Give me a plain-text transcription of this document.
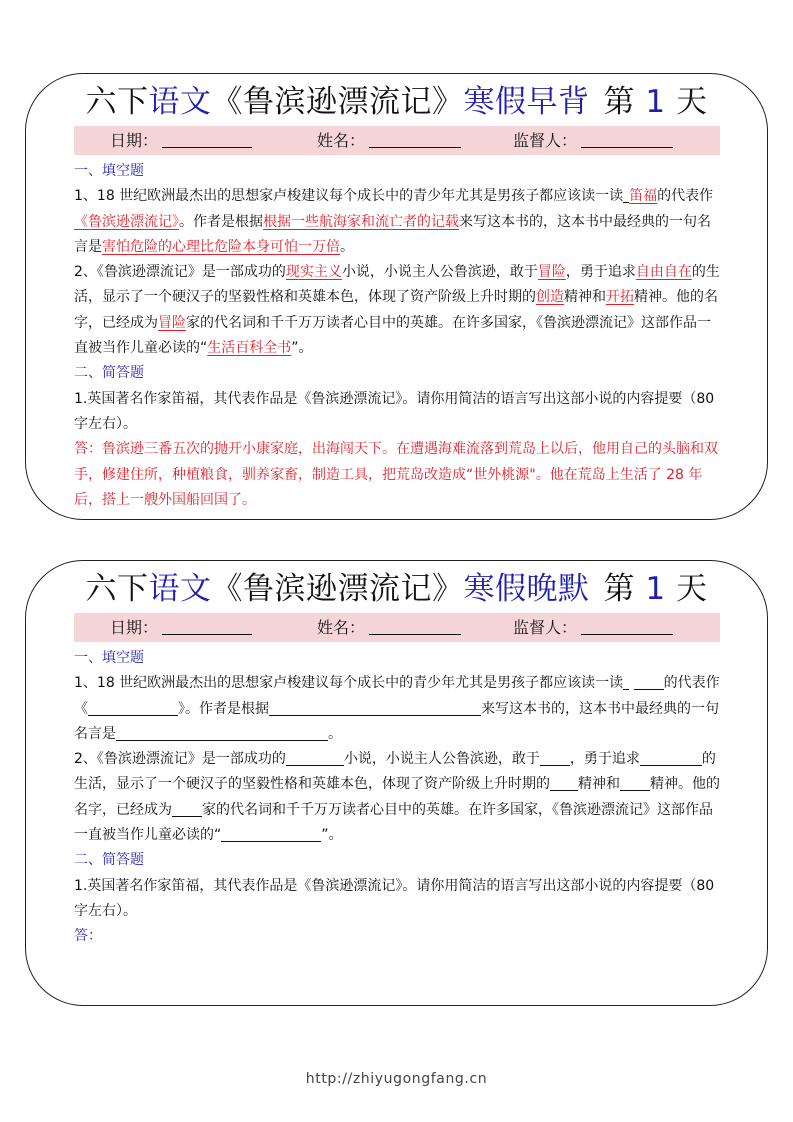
六下语文《鲁滨逊漂流记》寒假早背 第 1 天
日期：	姓名：	监督人：

一、填空题

1、18 世纪欧洲最杰出的思想家卢梭建议每个成长中的青少年尤其是男孩子都应该读一读 笛福的代表作《鲁滨逊漂流记》。作者是根据根据一些航海家和流亡者的记载来写这本书的，这本书中最经典的一句名言是害怕危险的心理比危险本身可怕一万倍。

2、《鲁滨逊漂流记》是一部成功的现实主义小说，小说主人公鲁滨逊，敢于冒险，勇于追求自由自在的生活，显示了一个硬汉子的坚毅性格和英雄本色，体现了资产阶级上升时期的创造精神和开拓精神。他的名字，已经成为冒险家的代名词和千千万万读者心目中的英雄。在许多国家，《鲁滨逊漂流记》这部作品一直被当作儿童必读的“生活百科全书”。

二、简答题

1.英国著名作家笛福，其代表作品是《鲁滨逊漂流记》。请你用简洁的语言写出这部小说的内容提要（80 字左右）。

答：鲁滨逊三番五次的抛开小康家庭，出海闯天下。在遭遇海难流落到荒岛上以后，他用自己的头脑和双手，修建住所，种植粮食，驯养家畜，制造工具，把荒岛改造成“世外桃源"。他在荒岛上生活了 28 年后，搭上一艘外国船回国了。

六下语文《鲁滨逊漂流记》寒假晚默 第 1 天
日期：	姓名：	监督人：

一、填空题

1、18 世纪欧洲最杰出的思想家卢梭建议每个成长中的青少年尤其是男孩子都应该读一读	的代表作《	》。作者是根据	来写这本书的，这本书中最经典的一句名言是	。

2、《鲁滨逊漂流记》是一部成功的	小说，小说主人公鲁滨逊，敢于 ，勇于追求	的生活，显示了一个硬汉子的坚毅性格和英雄本色，体现了资产阶级上升时期的 精神和 精神。他的名字，已经成为 家的代名词和千千万万读者心目中的英雄。在许多国家，《鲁滨逊漂流记》这部作品一直被当作儿童必读的“	”。

二、简答题

1.英国著名作家笛福，其代表作品是《鲁滨逊漂流记》。请你用简洁的语言写出这部小说的内容提要（80 字左右）。

答：

http://zhiyugongfang.cn
